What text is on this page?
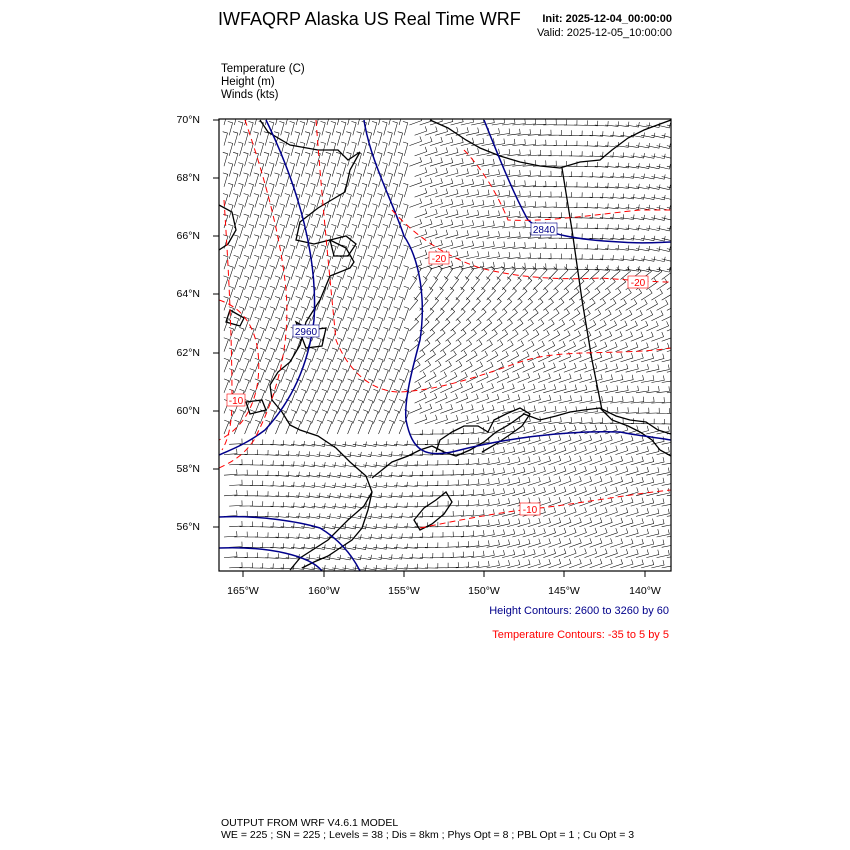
IWFAQRP Alaska US Real Time WRF Init: 2025-12-04_00:00:00
Valid: 2025-12-05_10:00:00
Temperature (C)
Height (m)
Winds (kts)
2840
2960
-20
-20
-10
-10
70°N
68°N
66°N
64°N
62°N
60°N
58°N
56°N
165°W	160°W	155°W	150°W	145°W	140°W
Height Contours: 2600 to 3260 by 60
Temperature Contours: -35 to 5 by 5
OUTPUT FROM WRF V4.6.1 MODEL
WE = 225 ; SN = 225 ; Levels = 38 ; Dis = 8km ; Phys Opt = 8 ; PBL Opt = 1 ; Cu Opt = 3
